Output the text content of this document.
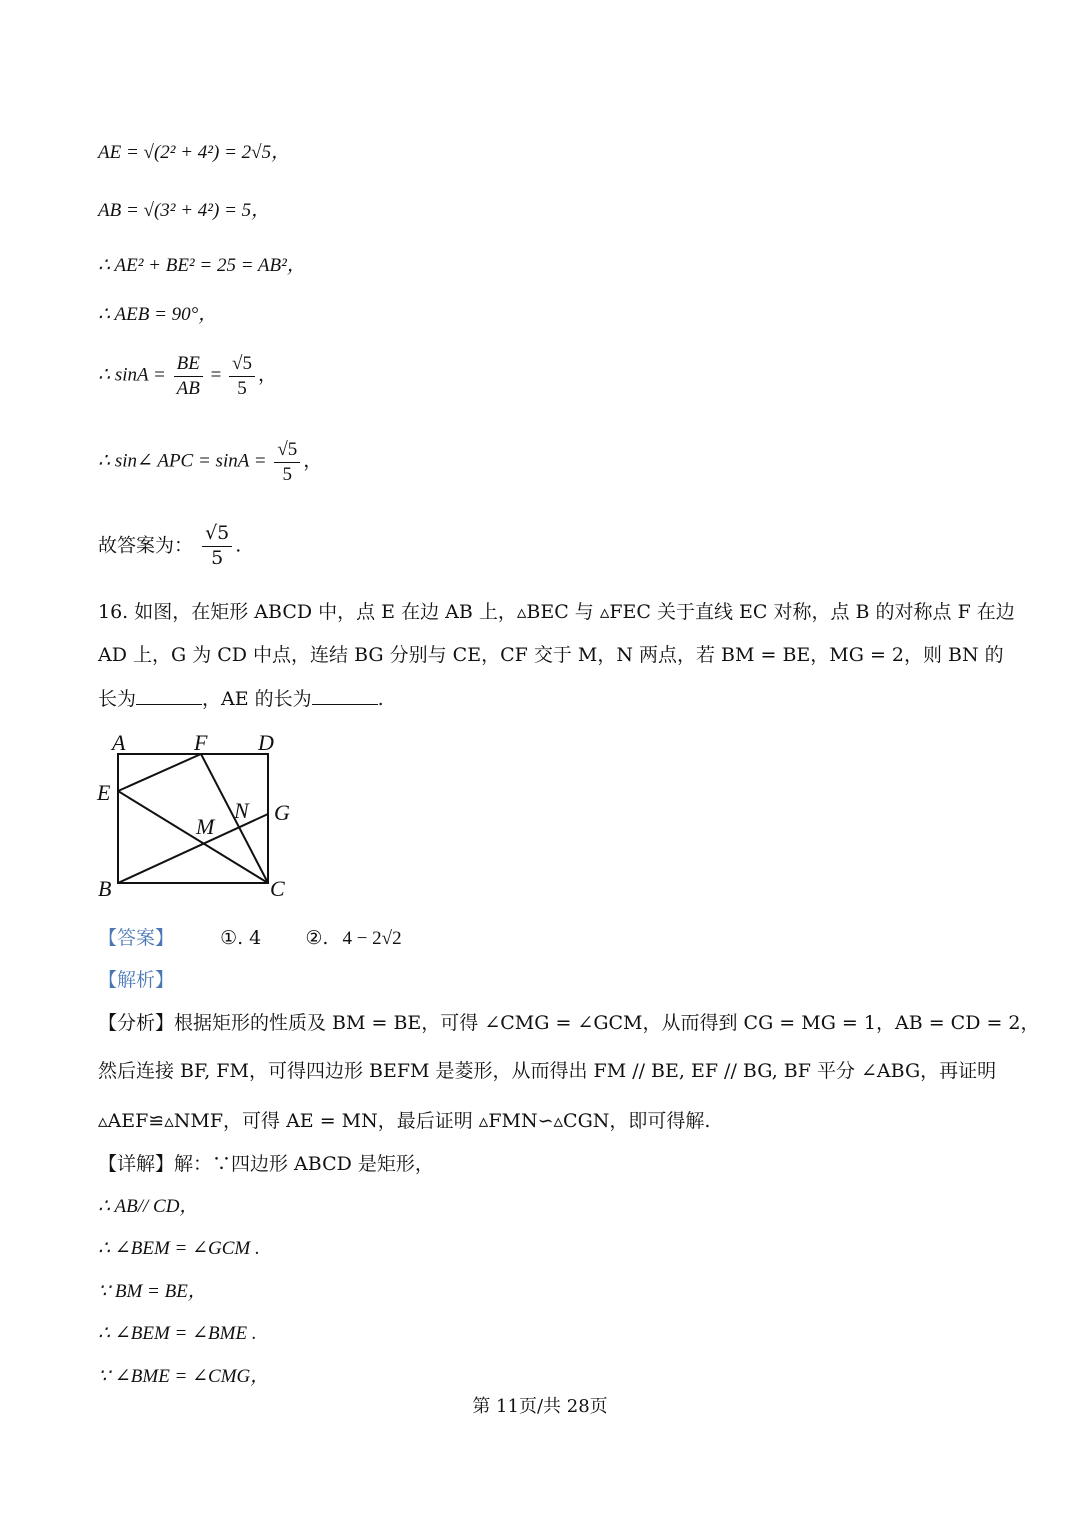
AE = √(2² + 4²) = 2√5，
AB = √(3² + 4²) = 5，
∴ AE² + BE² = 25 = AB²，
∴ AEB = 90°，
∴ $\sin A = \frac{BE}{AB} = \frac{√5}{5}$ ，
∴ sin∠ APC = $\sin A = \frac{√5}{5}$ ，
故答案为： $\frac{√5}{5}$ .
16. 如图，在矩形 ABCD 中，点 E 在边 AB 上，▵BEC 与 ▵FEC 关于直线 EC 对称，点 B 的对称点 F 在边
AD 上，G 为 CD 中点，连结 BG 分别与 CE，CF 交于 M，N 两点，若 BM = BE，MG = 2，则 BN 的
长为	，AE 的长为	.
A	F D
E
N G
M
B	C
【答案】 ①. 4 ②. 4 − 2√2
【解析】
【分析】根据矩形的性质及 BM = BE，可得 ∠CMG = ∠GCM，从而得到 CG = MG = 1，AB = CD = 2，
然后连接 BF, FM，可得四边形 BEFM 是菱形，从而得出 FM // BE, EF // BG, BF 平分 ∠ABG，再证明
▵AEF≌▵NMF，可得 AE = MN，最后证明 ▵FMN∽▵CGN，即可得解.
【详解】解：∵四边形 ABCD 是矩形，
∴ AB// CD，
∴ ∠BEM = ∠GCM .
∵ BM = BE，
∴ ∠BEM = ∠BME .
∵ ∠BME = ∠CMG，
第 11页/共 28页
